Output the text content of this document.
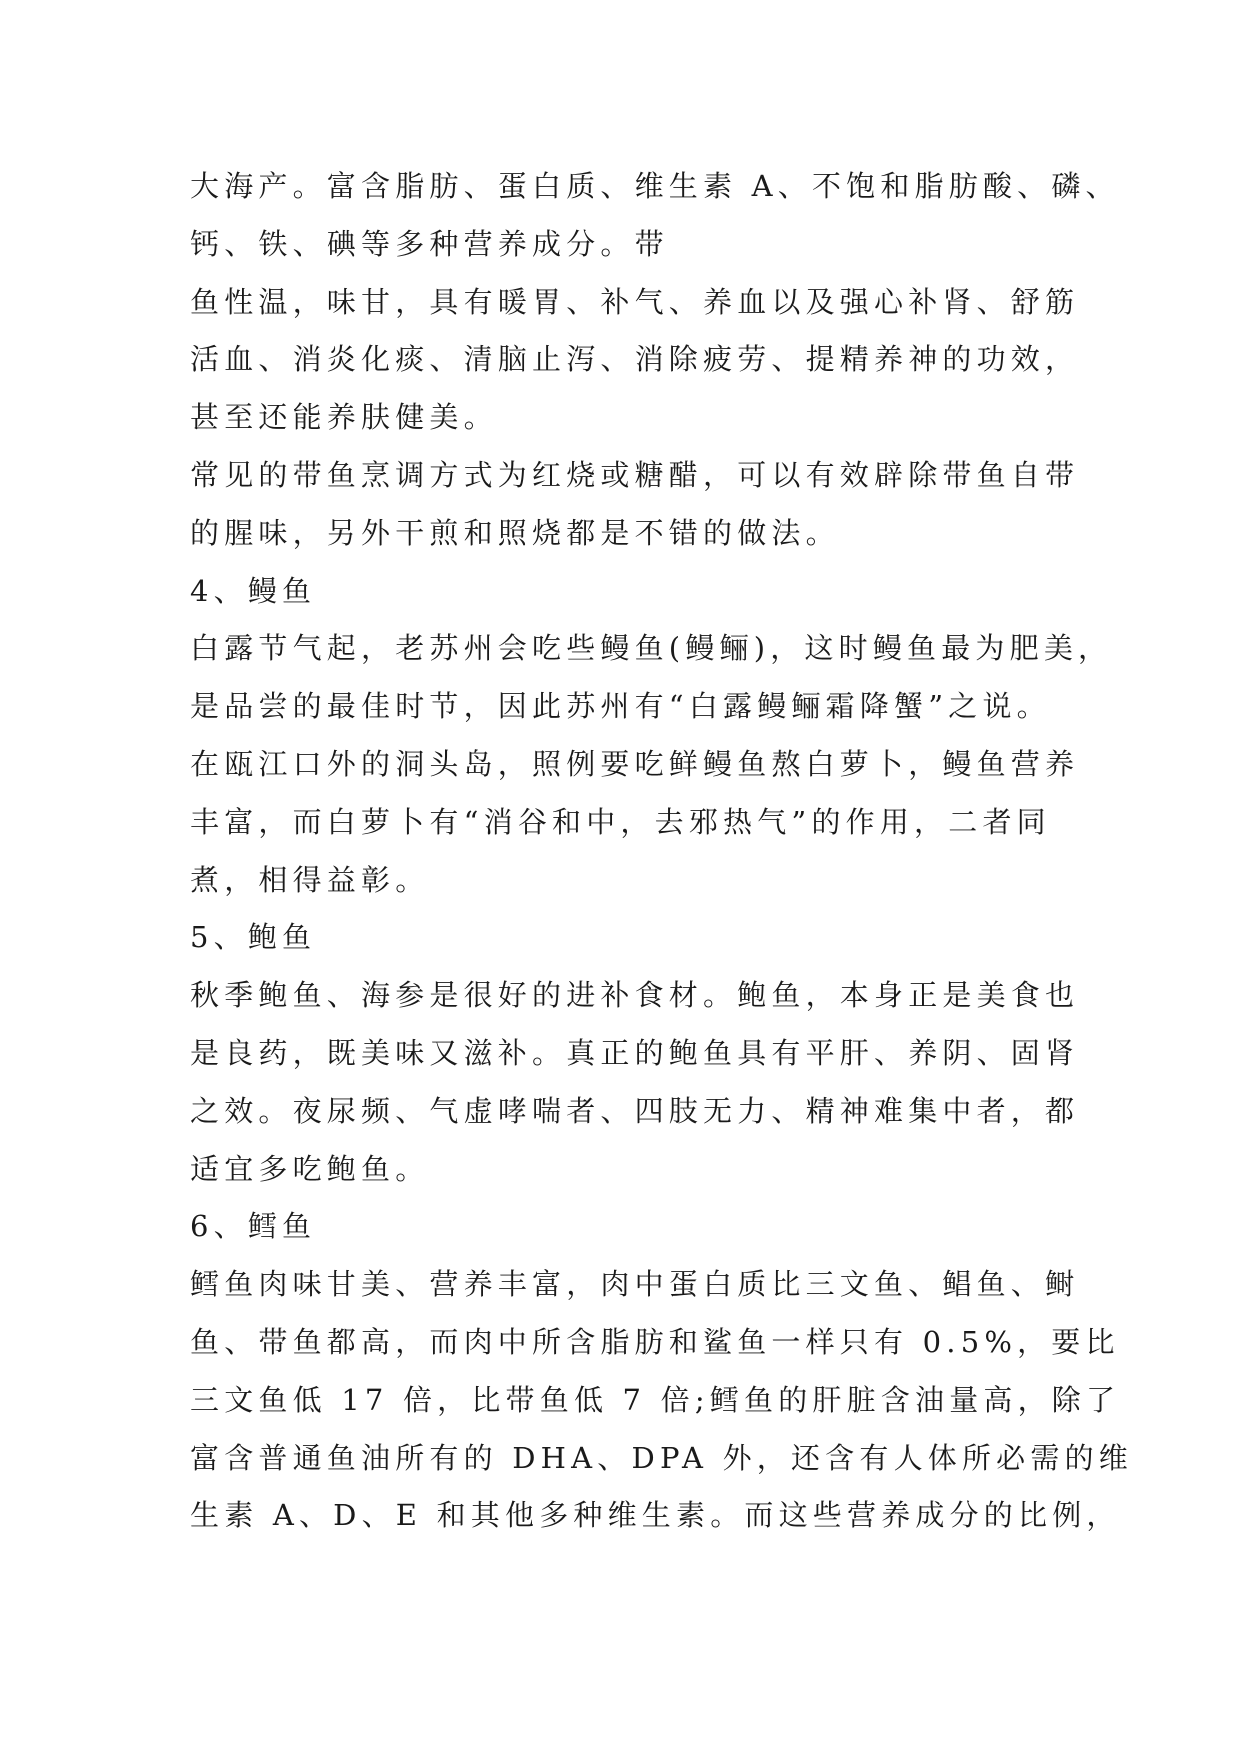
大海产。富含脂肪、蛋白质、维生素 A、不饱和脂肪酸、磷、
钙、铁、碘等多种营养成分。带
鱼性温，味甘，具有暖胃、补气、养血以及强心补肾、舒筋
活血、消炎化痰、清脑止泻、消除疲劳、提精养神的功效，
甚至还能养肤健美。
常见的带鱼烹调方式为红烧或糖醋，可以有效辟除带鱼自带
的腥味，另外干煎和照烧都是不错的做法。
4、鳗鱼
白露节气起，老苏州会吃些鳗鱼(鳗鲡)，这时鳗鱼最为肥美，
是品尝的最佳时节，因此苏州有“白露鳗鲡霜降蟹”之说。
在瓯江口外的洞头岛，照例要吃鲜鳗鱼熬白萝卜，鳗鱼营养
丰富，而白萝卜有“消谷和中，去邪热气”的作用，二者同
煮，相得益彰。
5、鲍鱼
秋季鲍鱼、海参是很好的进补食材。鲍鱼，本身正是美食也
是良药，既美味又滋补。真正的鲍鱼具有平肝、养阴、固肾
之效。夜尿频、气虚哮喘者、四肢无力、精神难集中者，都
适宜多吃鲍鱼。
6、鳕鱼
鳕鱼肉味甘美、营养丰富，肉中蛋白质比三文鱼、鲳鱼、鲥
鱼、带鱼都高，而肉中所含脂肪和鲨鱼一样只有 0.5%，要比
三文鱼低 17 倍，比带鱼低 7 倍;鳕鱼的肝脏含油量高，除了
富含普通鱼油所有的 DHA、DPA 外，还含有人体所必需的维
生素 A、D、E 和其他多种维生素。而这些营养成分的比例，
